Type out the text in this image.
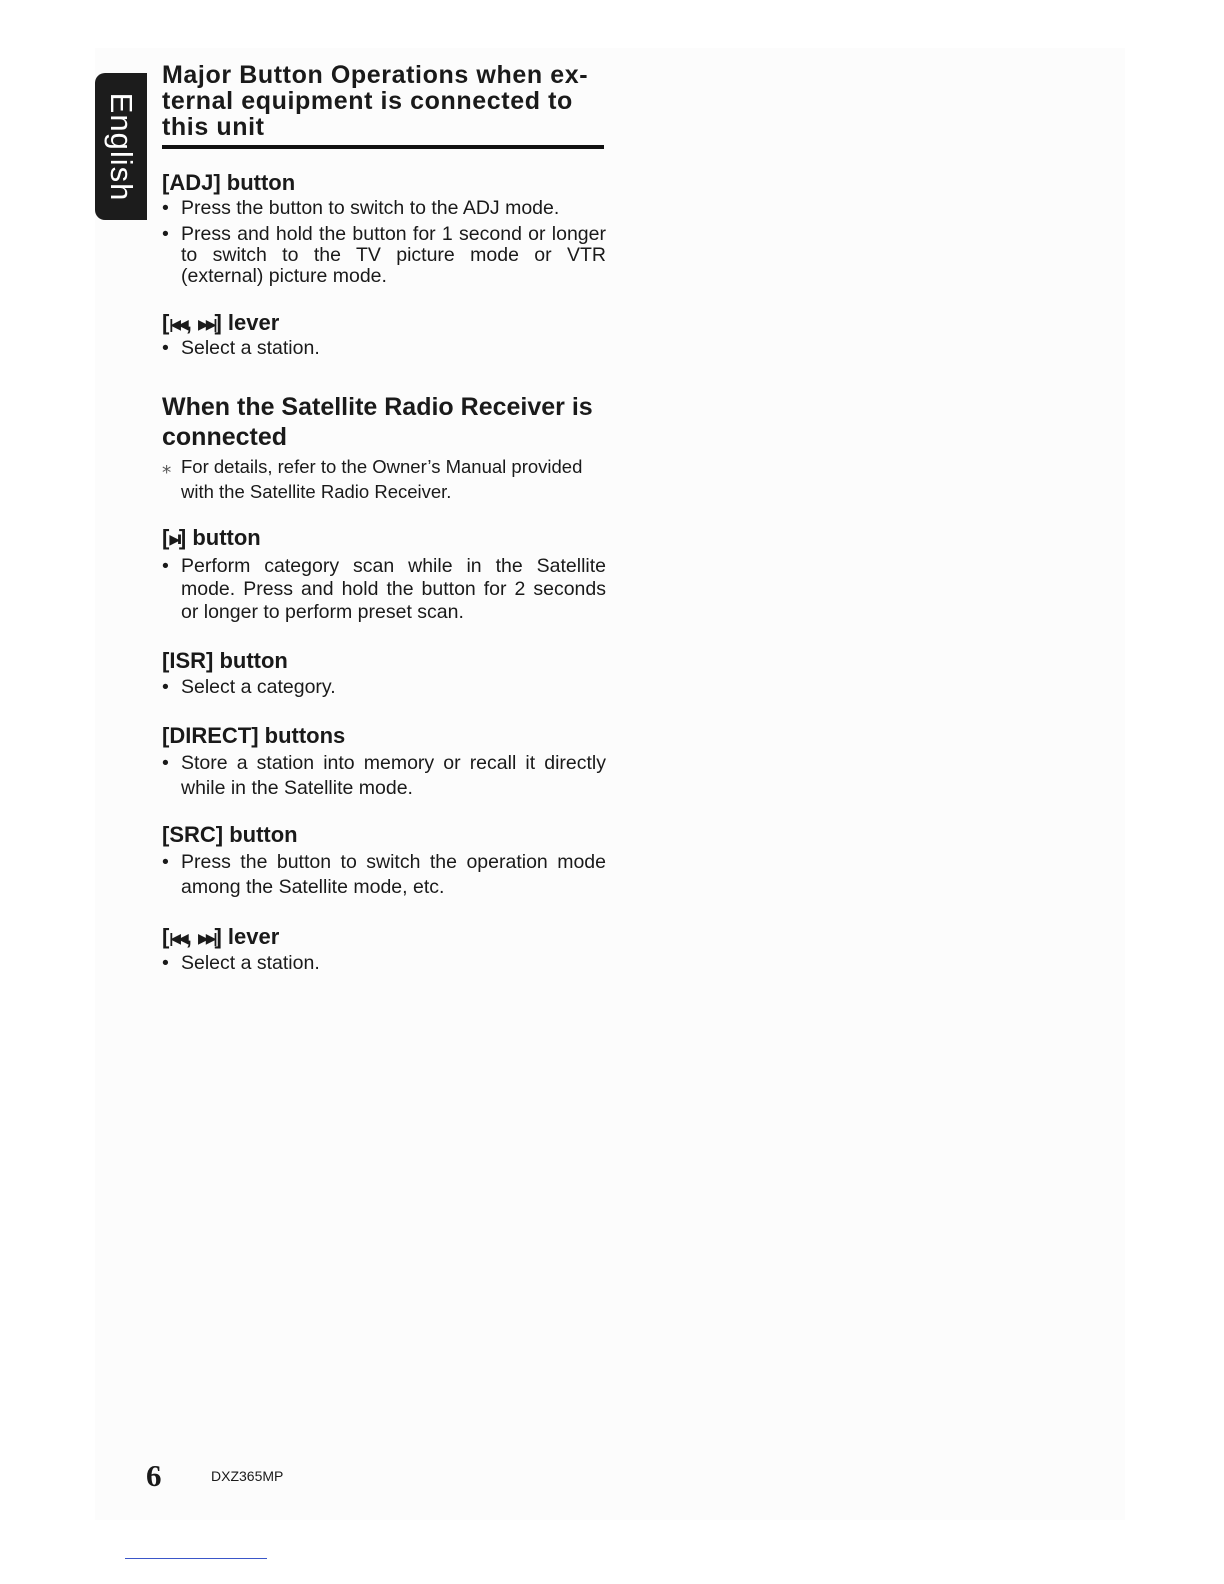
English
Major Button Operations when ex-
ternal equipment is connected to
this unit
[ADJ] button
• Press the button to switch to the ADJ mode.
• Press and hold the button for 1 second or longer to switch to the TV picture mode or VTR (external) picture mode.
[|◀◀, ▶▶|] lever
• Select a station.
When the Satellite Radio Receiver is connected

⁎ For details, refer to the Owner’s Manual provided with the Satellite Radio Receiver.

[▶II] button
• Perform category scan while in the Satellite mode. Press and hold the button for 2 seconds or longer to perform preset scan.
[ISR] button
• Select a category.
[DIRECT] buttons
• Store a station into memory or recall it directly while in the Satellite mode.
[SRC] button
• Press the button to switch the operation mode among the Satellite mode, etc.
[|◀◀, ▶▶|] lever
• Select a station.
6	DXZ365MP
